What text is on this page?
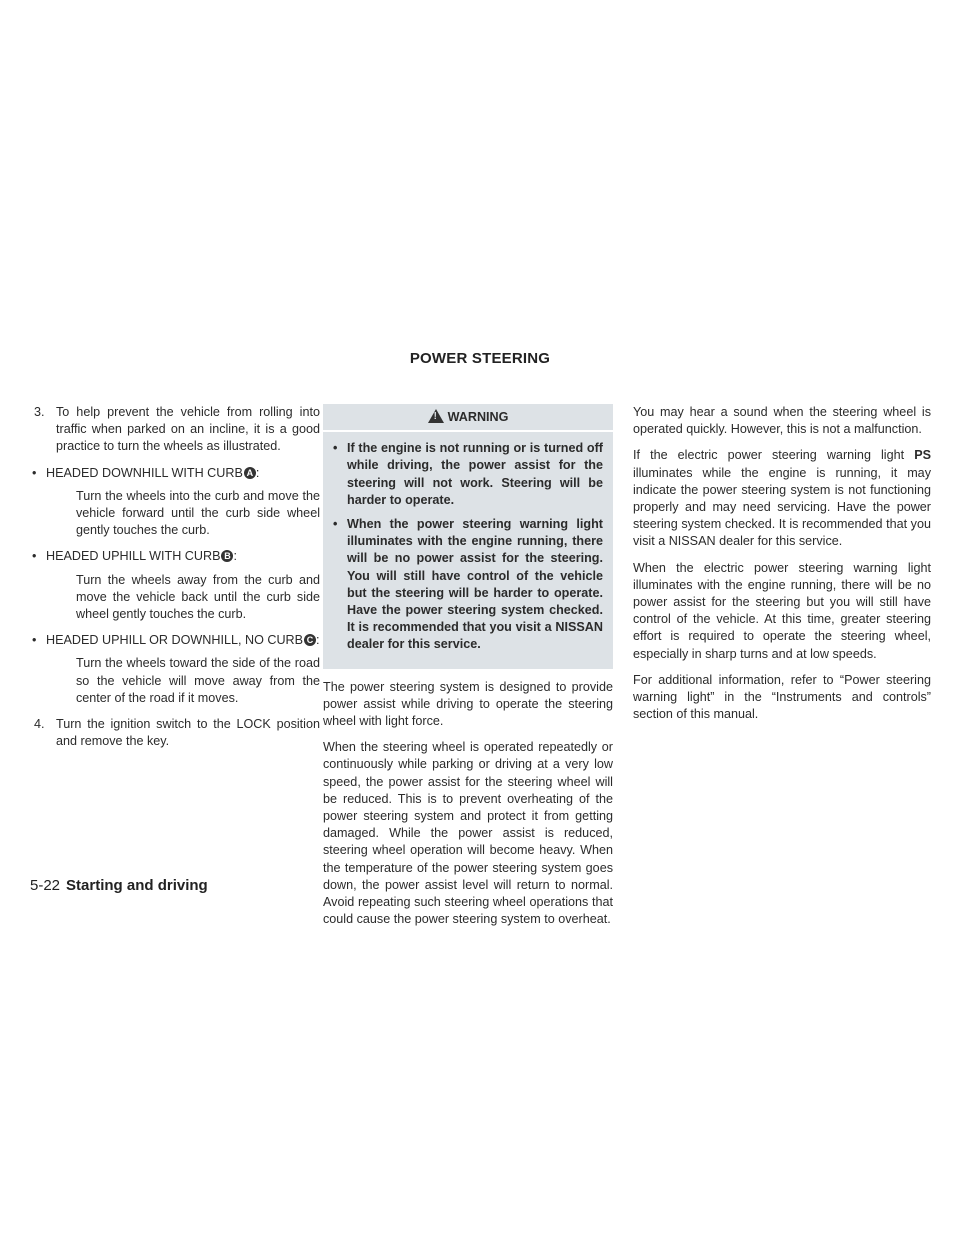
POWER STEERING
3. To help prevent the vehicle from rolling into traffic when parked on an incline, it is a good practice to turn the wheels as illustrated.
• HEADED DOWNHILL WITH CURB A :
Turn the wheels into the curb and move the vehicle forward until the curb side wheel gently touches the curb.
• HEADED UPHILL WITH CURB B :
Turn the wheels away from the curb and move the vehicle back until the curb side wheel gently touches the curb.
• HEADED UPHILL OR DOWNHILL, NO CURB C :
Turn the wheels toward the side of the road so the vehicle will move away from the center of the road if it moves.
4. Turn the ignition switch to the LOCK position and remove the key.
!WARNING
• If the engine is not running or is turned off while driving, the power assist for the steering will not work. Steering will be harder to operate.
• When the power steering warning light illuminates with the engine running, there will be no power assist for the steering. You will still have control of the vehicle but the steering will be harder to operate. Have the power steering system checked. It is recommended that you visit a NISSAN dealer for this service.

The power steering system is designed to provide power assist while driving to operate the steering wheel with light force.

When the steering wheel is operated repeatedly or continuously while parking or driving at a very low speed, the power assist for the steering wheel will be reduced. This is to prevent overheating of the power steering system and protect it from getting damaged. While the power assist is reduced, steering wheel operation will become heavy. When the temperature of the power steering system goes down, the power assist level will return to normal. Avoid repeating such steering wheel operations that could cause the power steering system to overheat.

You may hear a sound when the steering wheel is operated quickly. However, this is not a malfunction.

If the electric power steering warning light PS illuminates while the engine is running, it may indicate the power steering system is not functioning properly and may need servicing. Have the power steering system checked. It is recommended that you visit a NISSAN dealer for this service.

When the electric power steering warning light illuminates with the engine running, there will be no power assist for the steering but you will still have control of the vehicle. At this time, greater steering effort is required to operate the steering wheel, especially in sharp turns and at low speeds.

For additional information, refer to “Power steering warning light” in the “Instruments and controls” section of this manual.

5-22 Starting and driving
